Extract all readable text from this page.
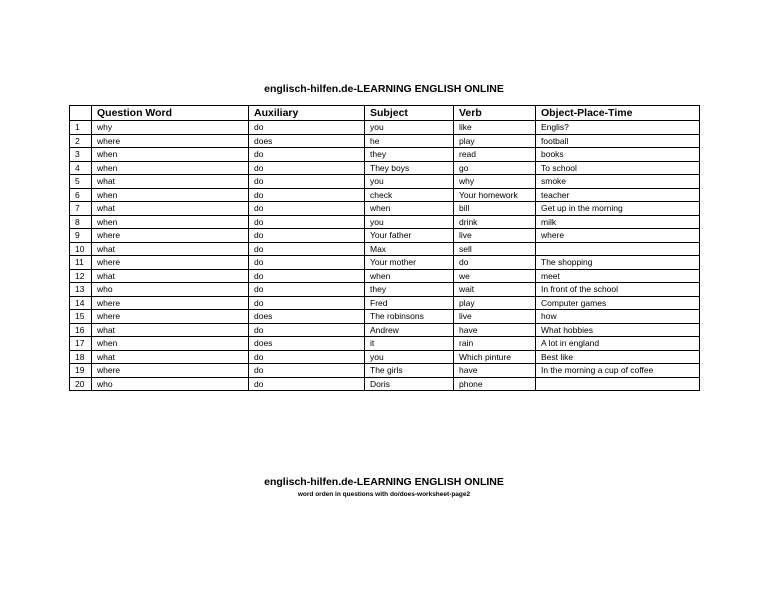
englisch-hilfen.de-LEARNING ENGLISH ONLINE
	Question Word	Auxiliary	Subject	Verb	Object-Place-Time
1	why	do	you	like	Englis?
2	where	does	he	play	football
3	when	do	they	read	books
4	when	do	They boys	go	To school
5	what	do	you	why	smoke
6	when	do	check	Your homework	teacher
7	what	do	when	bill	Get up in the morning
8	when	do	you	drink	milk
9	where	do	Your father	live	where
10	what	do	Max	sell	
11	where	do	Your mother	do	The shopping
12	what	do	when	we	meet
13	who	do	they	wait	In front of the school
14	where	do	Fred	play	Computer games
15	where	does	The robinsons	live	how
16	what	do	Andrew	have	What hobbies
17	when	does	it	rain	A lot in england
18	what	do	you	Which pinture	Best like
19	where	do	The girls	have	In the morning a cup of coffee
20	who	do	Doris	phone	
englisch-hilfen.de-LEARNING ENGLISH ONLINE
word orden in questions with do/does-worksheet-page2
